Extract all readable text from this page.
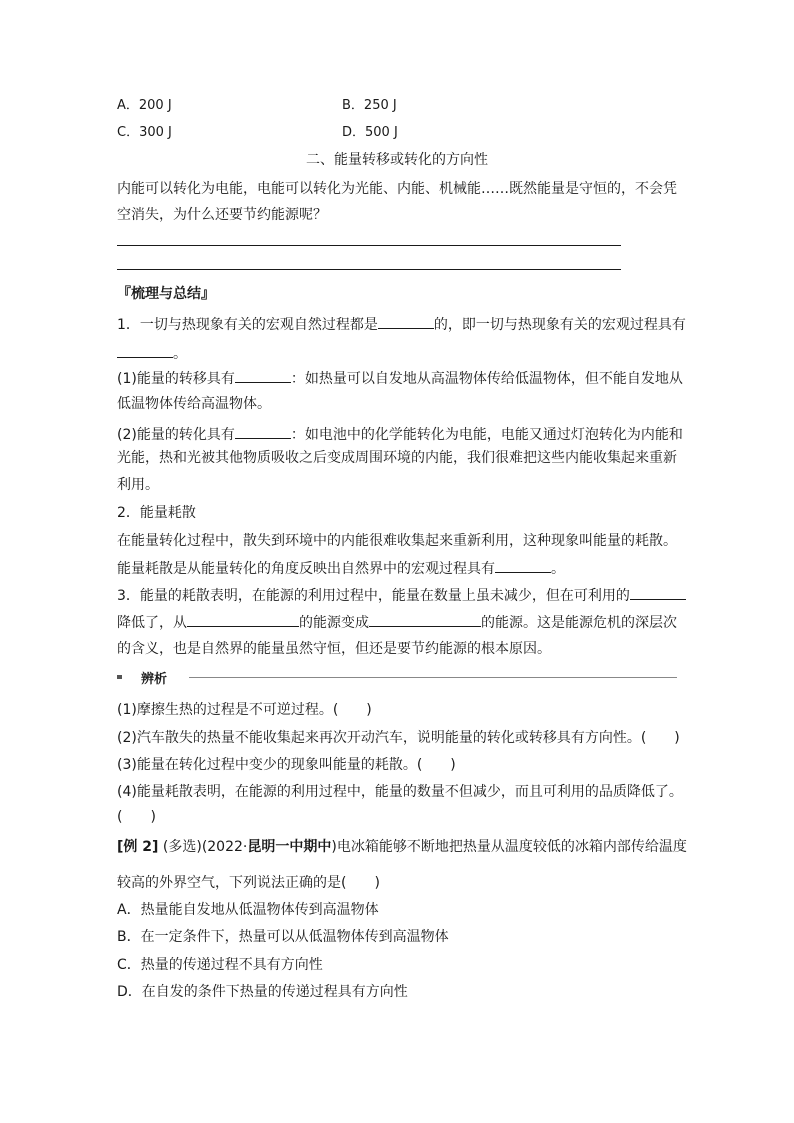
A．200 J	B．250 J
C．300 J	D．500 J
二、能量转移或转化的方向性
内能可以转化为电能，电能可以转化为光能、内能、机械能……既然能量是守恒的，不会凭
空消失，为什么还要节约能源呢？
『梳理与总结』
1．一切与热现象有关的宏观自然过程都是	的，即一切与热现象有关的宏观过程具有
。
(1)能量的转移具有	：如热量可以自发地从高温物体传给低温物体，但不能自发地从
低温物体传给高温物体。
(2)能量的转化具有	：如电池中的化学能转化为电能，电能又通过灯泡转化为内能和
光能，热和光被其他物质吸收之后变成周围环境的内能，我们很难把这些内能收集起来重新
利用。
2．能量耗散
在能量转化过程中，散失到环境中的内能很难收集起来重新利用，这种现象叫能量的耗散。
能量耗散是从能量转化的角度反映出自然界中的宏观过程具有	。
3．能量的耗散表明，在能源的利用过程中，能量在数量上虽未减少，但在可利用的
降低了，从	的能源变成	的能源。这是能源危机的深层次
的含义，也是自然界的能量虽然守恒，但还是要节约能源的根本原因。
辨析
(1)摩擦生热的过程是不可逆过程。(　　)
(2)汽车散失的热量不能收集起来再次开动汽车，说明能量的转化或转移具有方向性。(　　)
(3)能量在转化过程中变少的现象叫能量的耗散。(　　)
(4)能量耗散表明，在能源的利用过程中，能量的数量不但减少，而且可利用的品质降低了。
(　　)
[例 2] (多选)(2022·昆明一中期中)电冰箱能够不断地把热量从温度较低的冰箱内部传给温度
较高的外界空气，下列说法正确的是(　　)
A．热量能自发地从低温物体传到高温物体
B．在一定条件下，热量可以从低温物体传到高温物体
C．热量的传递过程不具有方向性
D．在自发的条件下热量的传递过程具有方向性
